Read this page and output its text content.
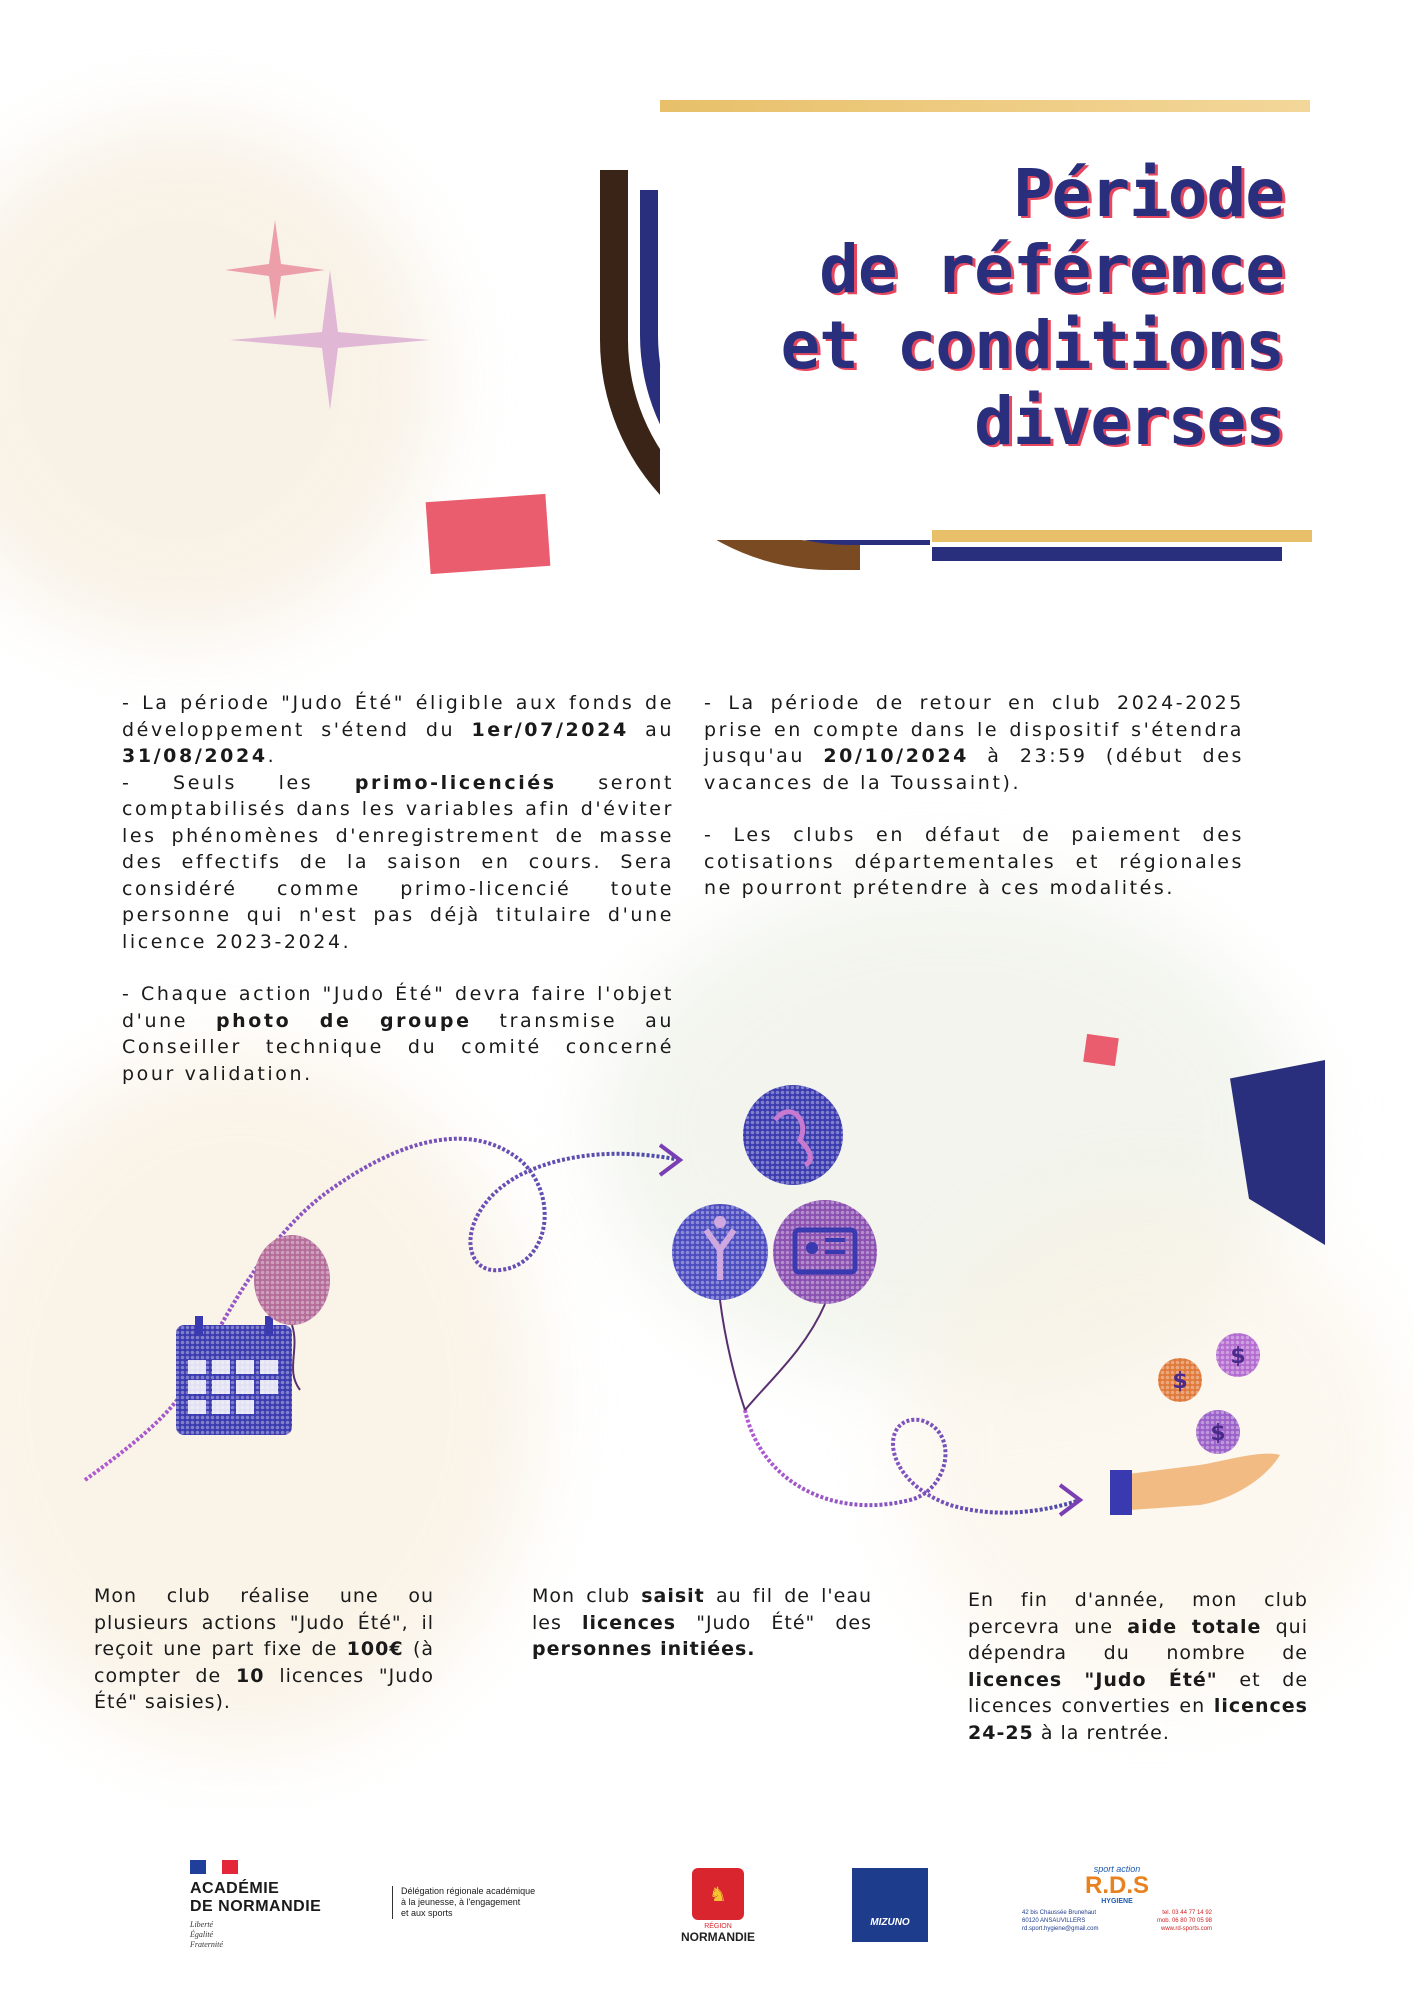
Période
de référence
et conditions
diverses

- La période "Judo Été" éligible aux fonds de développement s'étend du 1er/07/2024 au 31/08/2024.

- Seuls les primo-licenciés seront comptabilisés dans les variables afin d'éviter les phénomènes d'enregistrement de masse des effectifs de la saison en cours. Sera considéré comme primo-licencié toute personne qui n'est pas déjà titulaire d'une licence 2023-2024.

- Chaque action "Judo Été" devra faire l'objet d'une photo de groupe transmise au Conseiller technique du comité concerné pour validation.

- La période de retour en club 2024-2025 prise en compte dans le dispositif s'étendra jusqu'au 20/10/2024 à 23:59 (début des vacances de la Toussaint).

- Les clubs en défaut de paiement des cotisations départementales et régionales ne pourront prétendre à ces modalités.

$
$
$
Mon club réalise une ou plusieurs actions "Judo Été", il reçoit une part fixe de 100€ (à compter de 10 licences "Judo Été" saisies).
Mon club saisit au fil de l'eau les licences "Judo Été" des personnes initiées.
En fin d'année, mon club percevra une aide totale qui dépendra du nombre de licences "Judo Été" et de licences converties en licences 24-25 à la rentrée.
ACADÉMIE
DE NORMANDIE
Liberté
Égalité
Fraternité
Délégation régionale académique
à la jeunesse, à l'engagement
et aux sports
♞
RÉGION
NORMANDIE
MIZUNO
sport action
R.D.S
HYGIENE
42 bis Chaussée Brunehaut
60120 ANSAUVILLERS
rd.sport.hygiene@gmail.com
tel. 03 44 77 14 92
mob. 06 80 70 05 98
www.rd-sports.com
